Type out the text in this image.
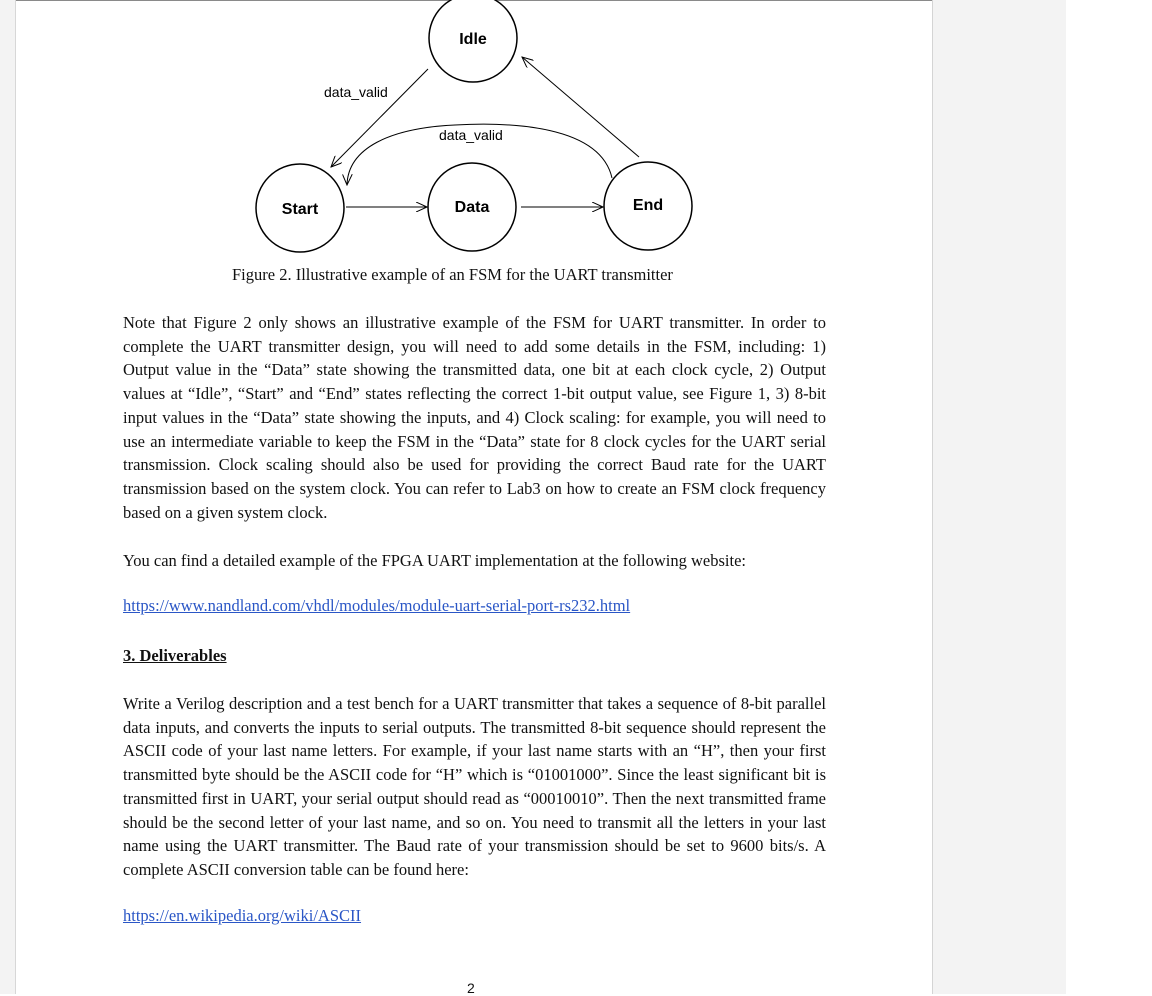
Idle
Start	Data	End
data_valid
data_valid
Figure 2. Illustrative example of an FSM for the UART transmitter

Note that Figure 2 only shows an illustrative example of the FSM for UART transmitter. In order to complete the UART transmitter design, you will need to add some details in the FSM, including: 1) Output value in the “Data” state showing the transmitted data, one bit at each clock cycle, 2) Output values at “Idle”, “Start” and “End” states reflecting the correct 1-bit output value, see Figure 1, 3) 8-bit input values in the “Data” state showing the inputs, and 4) Clock scaling: for example, you will need to use an intermediate variable to keep the FSM in the “Data” state for 8 clock cycles for the UART serial transmission. Clock scaling should also be used for providing the correct Baud rate for the UART transmission based on the system clock. You can refer to Lab3 on how to create an FSM clock frequency based on a given system clock.

You can find a detailed example of the FPGA UART implementation at the following website:

https://www.nandland.com/vhdl/modules/module-uart-serial-port-rs232.html
3. Deliverables

Write a Verilog description and a test bench for a UART transmitter that takes a sequence of 8-bit parallel data inputs, and converts the inputs to serial outputs. The transmitted 8-bit sequence should represent the ASCII code of your last name letters. For example, if your last name starts with an “H”, then your first transmitted byte should be the ASCII code for “H” which is “01001000”. Since the least significant bit is transmitted first in UART, your serial output should read as “00010010”. Then the next transmitted frame should be the second letter of your last name, and so on. You need to transmit all the letters in your last name using the UART transmitter. The Baud rate of your transmission should be set to 9600 bits/s. A complete ASCII conversion table can be found here:

https://en.wikipedia.org/wiki/ASCII
2
